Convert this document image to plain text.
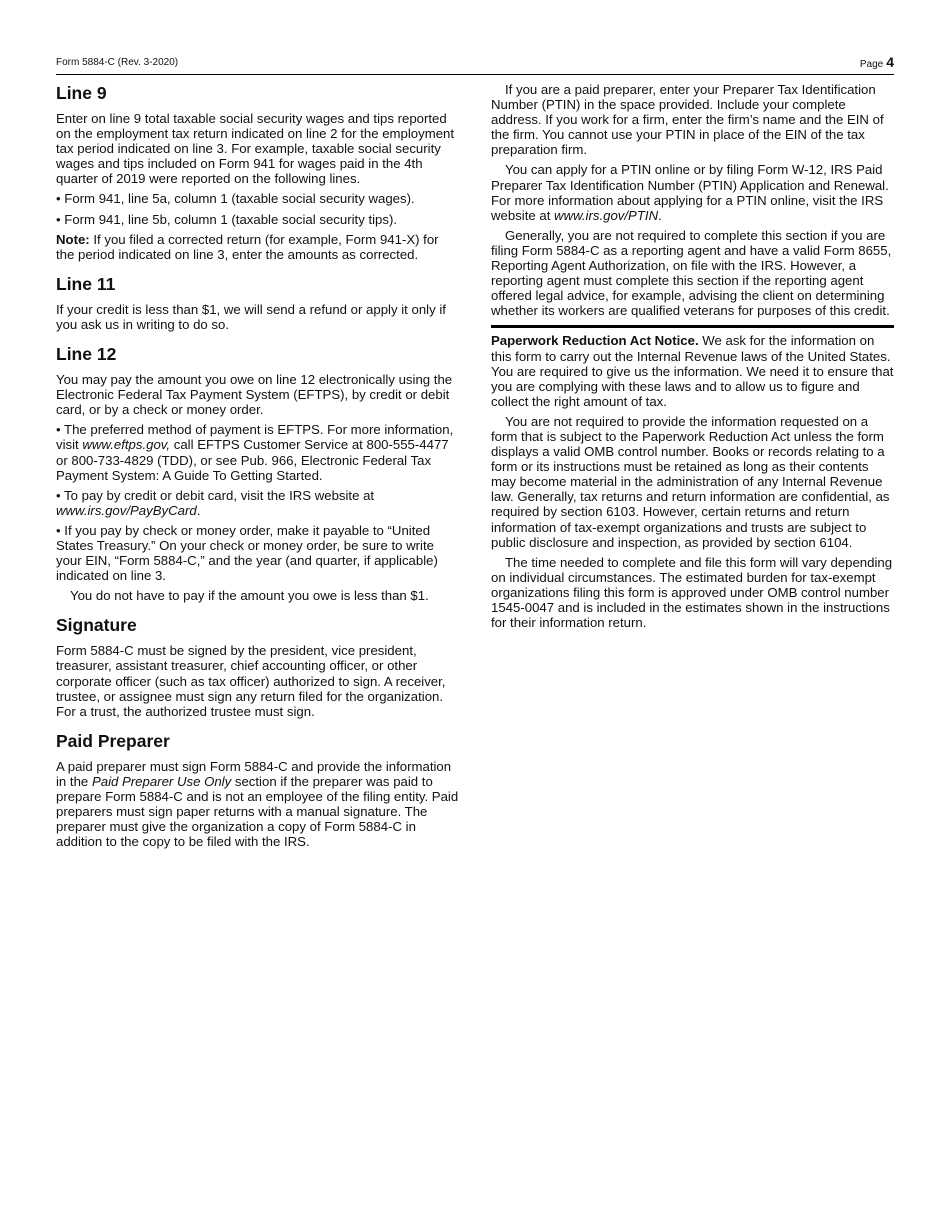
Form 5884-C (Rev. 3-2020)	Page 4
Line 9

Enter on line 9 total taxable social security wages and tips reported on the employment tax return indicated on line 2 for the employment tax period indicated on line 3. For example, taxable social security wages and tips included on Form 941 for wages paid in the 4th quarter of 2019 were reported on the following lines.

• Form 941, line 5a, column 1 (taxable social security wages).

• Form 941, line 5b, column 1 (taxable social security tips).

Note: If you filed a corrected return (for example, Form 941-X) for the period indicated on line 3, enter the amounts as corrected.

Line 11

If your credit is less than $1, we will send a refund or apply it only if you ask us in writing to do so.

Line 12

You may pay the amount you owe on line 12 electronically using the Electronic Federal Tax Payment System (EFTPS), by credit or debit card, or by a check or money order.

• The preferred method of payment is EFTPS. For more information, visit www.eftps.gov, call EFTPS Customer Service at 800-555-4477 or 800-733-4829 (TDD), or see Pub. 966, Electronic Federal Tax Payment System: A Guide To Getting Started.

• To pay by credit or debit card, visit the IRS website at www.irs.gov/PayByCard.

• If you pay by check or money order, make it payable to “United States Treasury.” On your check or money order, be sure to write your EIN, “Form 5884-C,” and the year (and quarter, if applicable) indicated on line 3.

You do not have to pay if the amount you owe is less than $1.

Signature

Form 5884-C must be signed by the president, vice president, treasurer, assistant treasurer, chief accounting officer, or other corporate officer (such as tax officer) authorized to sign. A receiver, trustee, or assignee must sign any return filed for the organization. For a trust, the authorized trustee must sign.

Paid Preparer

A paid preparer must sign Form 5884-C and provide the information in the Paid Preparer Use Only section if the preparer was paid to prepare Form 5884-C and is not an employee of the filing entity. Paid preparers must sign paper returns with a manual signature. The preparer must give the organization a copy of Form 5884-C in addition to the copy to be filed with the IRS.

If you are a paid preparer, enter your Preparer Tax Identification Number (PTIN) in the space provided. Include your complete address. If you work for a firm, enter the firm’s name and the EIN of the firm. You cannot use your PTIN in place of the EIN of the tax preparation firm.

You can apply for a PTIN online or by filing Form W-12, IRS Paid Preparer Tax Identification Number (PTIN) Application and Renewal. For more information about applying for a PTIN online, visit the IRS website at www.irs.gov/PTIN.

Generally, you are not required to complete this section if you are filing Form 5884-C as a reporting agent and have a valid Form 8655, Reporting Agent Authorization, on file with the IRS. However, a reporting agent must complete this section if the reporting agent offered legal advice, for example, advising the client on determining whether its workers are qualified veterans for purposes of this credit.

Paperwork Reduction Act Notice. We ask for the information on this form to carry out the Internal Revenue laws of the United States. You are required to give us the information. We need it to ensure that you are complying with these laws and to allow us to figure and collect the right amount of tax.

You are not required to provide the information requested on a form that is subject to the Paperwork Reduction Act unless the form displays a valid OMB control number. Books or records relating to a form or its instructions must be retained as long as their contents may become material in the administration of any Internal Revenue law. Generally, tax returns and return information are confidential, as required by section 6103. However, certain returns and return information of tax-exempt organizations and trusts are subject to public disclosure and inspection, as provided by section 6104.

The time needed to complete and file this form will vary depending on individual circumstances. The estimated burden for tax-exempt organizations filing this form is approved under OMB control number 1545-0047 and is included in the estimates shown in the instructions for their information return.
